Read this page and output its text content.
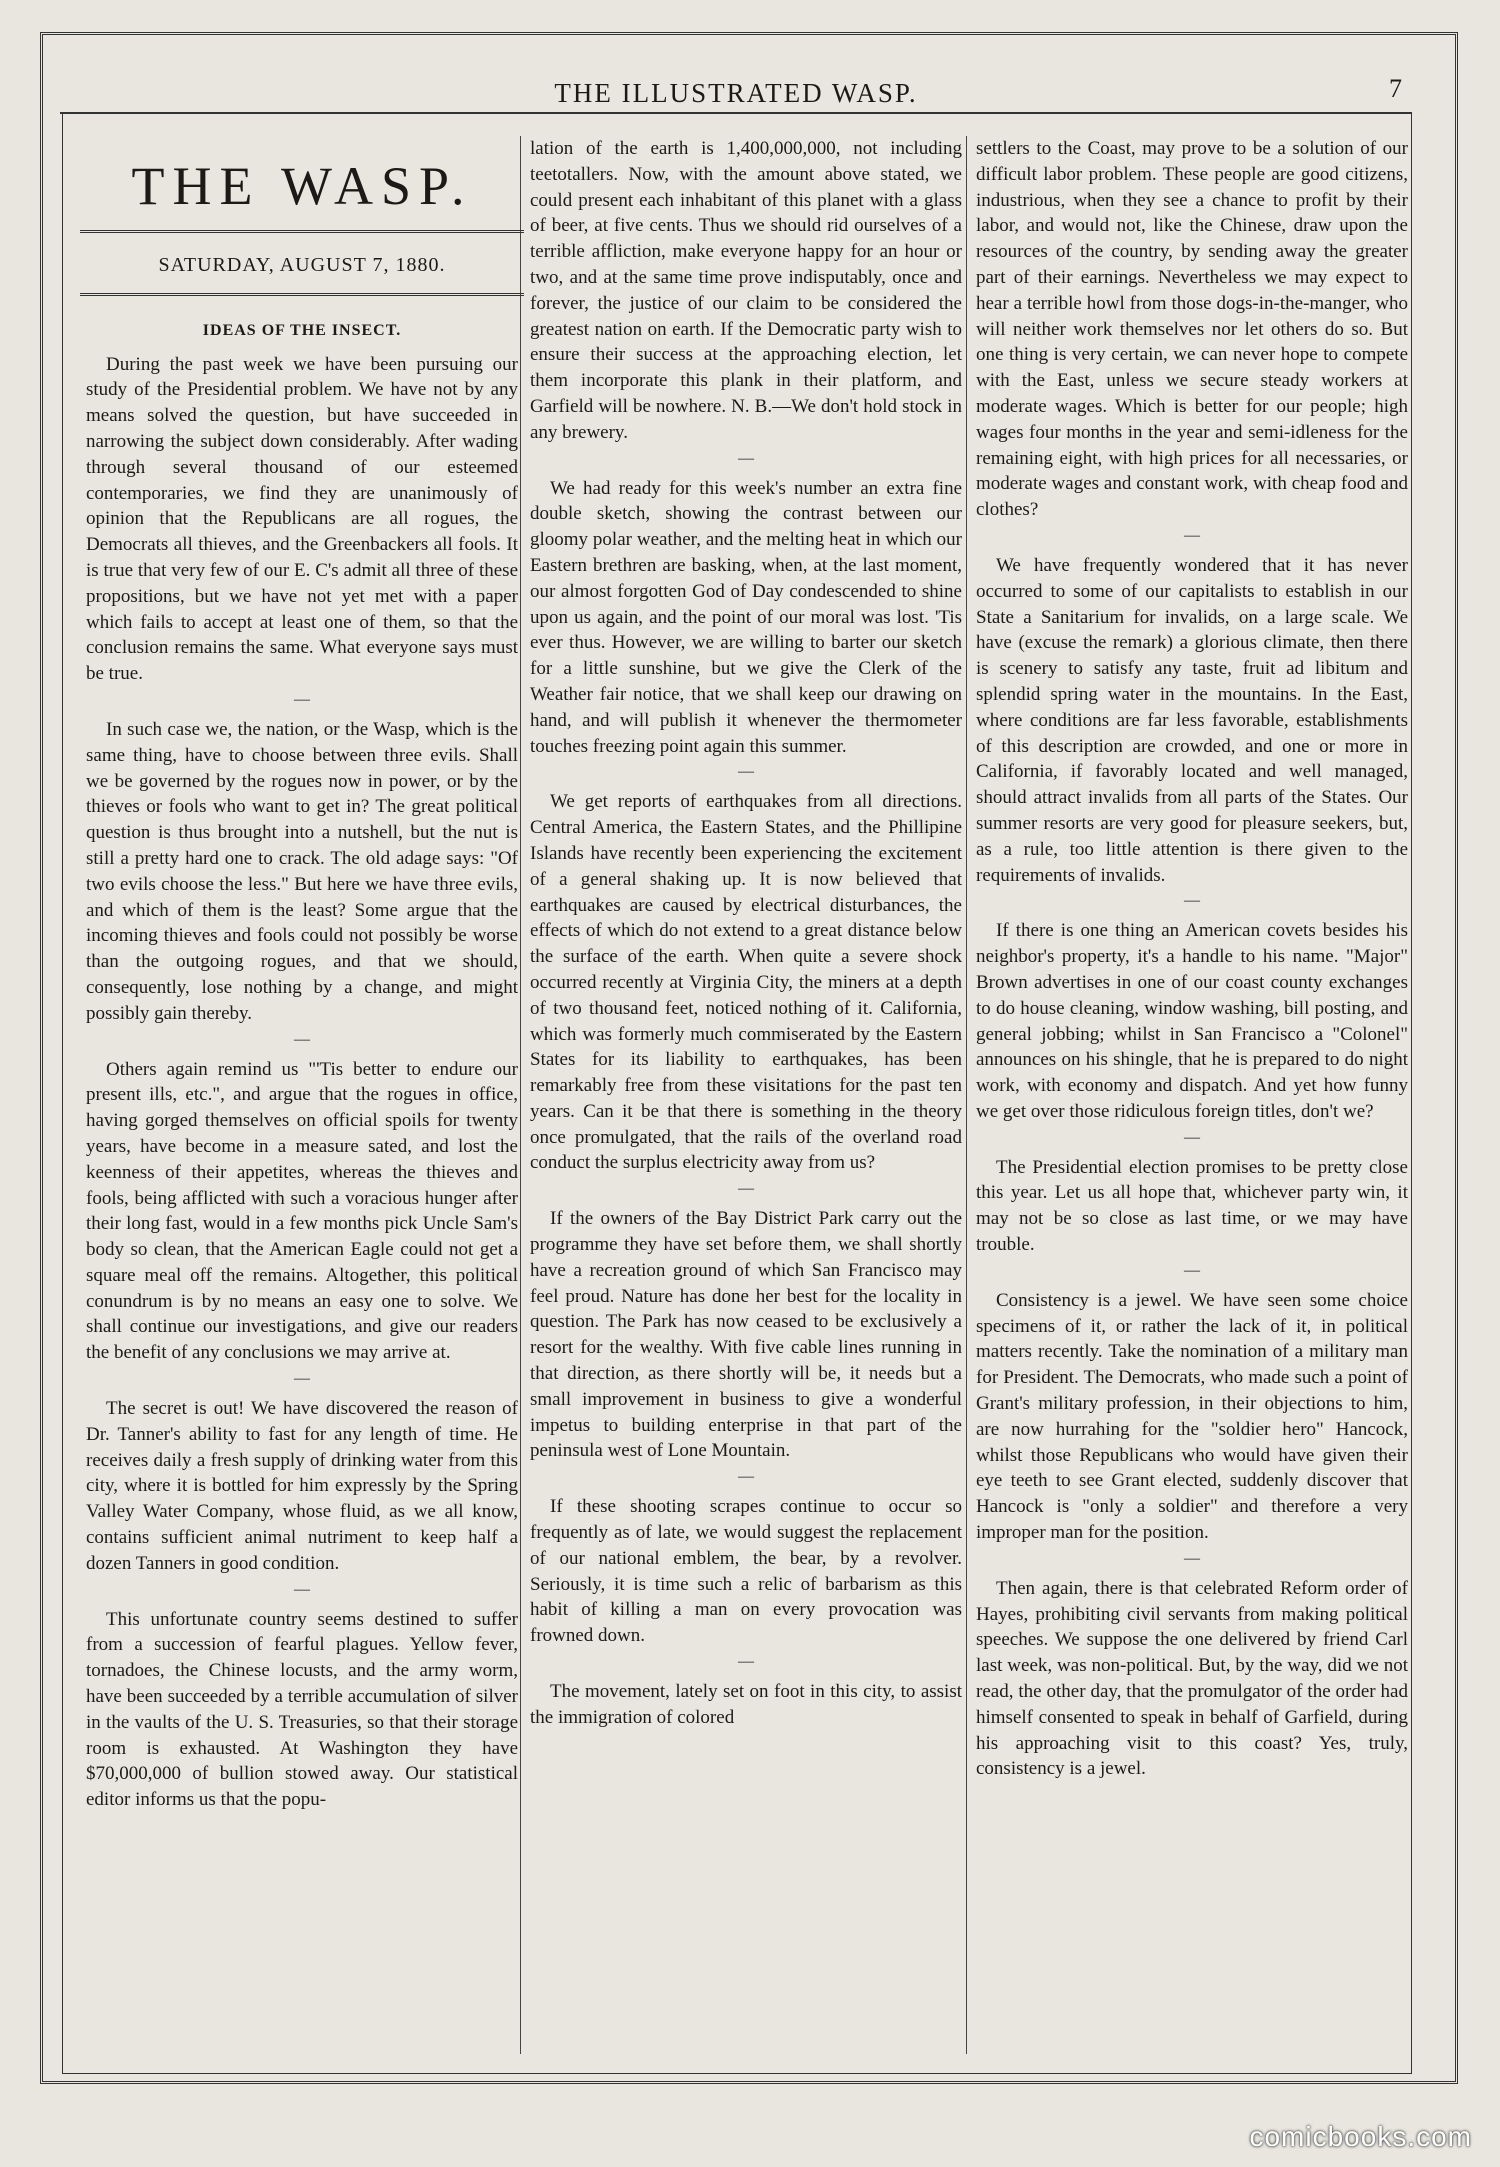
THE ILLUSTRATED WASP.	7
THE WASP.
SATURDAY, AUGUST 7, 1880.
IDEAS OF THE INSECT.

During the past week we have been pursuing our study of the Presidential problem. We have not by any means solved the question, but have succeeded in narrowing the subject down considerably. After wading through several thousand of our esteemed contemporaries, we find they are unanimously of opinion that the Republicans are all rogues, the Democrats all thieves, and the Greenbackers all fools. It is true that very few of our E. C's admit all three of these propositions, but we have not yet met with a paper which fails to accept at least one of them, so that the conclusion remains the same. What everyone says must be true.

—

In such case we, the nation, or the Wasp, which is the same thing, have to choose between three evils. Shall we be governed by the rogues now in power, or by the thieves or fools who want to get in? The great political question is thus brought into a nutshell, but the nut is still a pretty hard one to crack. The old adage says: "Of two evils choose the less." But here we have three evils, and which of them is the least? Some argue that the incoming thieves and fools could not possibly be worse than the outgoing rogues, and that we should, consequently, lose nothing by a change, and might possibly gain thereby.

—

Others again remind us "'Tis better to endure our present ills, etc.", and argue that the rogues in office, having gorged themselves on official spoils for twenty years, have become in a measure sated, and lost the keenness of their appetites, whereas the thieves and fools, being afflicted with such a voracious hunger after their long fast, would in a few months pick Uncle Sam's body so clean, that the American Eagle could not get a square meal off the remains. Altogether, this political conundrum is by no means an easy one to solve. We shall continue our investigations, and give our readers the benefit of any conclusions we may arrive at.

—

The secret is out! We have discovered the reason of Dr. Tanner's ability to fast for any length of time. He receives daily a fresh supply of drinking water from this city, where it is bottled for him expressly by the Spring Valley Water Company, whose fluid, as we all know, contains sufficient animal nutriment to keep half a dozen Tanners in good condition.

—

This unfortunate country seems destined to suffer from a succession of fearful plagues. Yellow fever, tornadoes, the Chinese locusts, and the army worm, have been succeeded by a terrible accumulation of silver in the vaults of the U. S. Treasuries, so that their storage room is exhausted. At Washington they have $70,000,000 of bullion stowed away. Our statistical editor informs us that the popu-

lation of the earth is 1,400,000,000, not including teetotallers. Now, with the amount above stated, we could present each inhabitant of this planet with a glass of beer, at five cents. Thus we should rid ourselves of a terrible affliction, make everyone happy for an hour or two, and at the same time prove indisputably, once and forever, the justice of our claim to be considered the greatest nation on earth. If the Democratic party wish to ensure their success at the approaching election, let them incorporate this plank in their platform, and Garfield will be nowhere. N. B.—We don't hold stock in any brewery.

—

We had ready for this week's number an extra fine double sketch, showing the contrast between our gloomy polar weather, and the melting heat in which our Eastern brethren are basking, when, at the last moment, our almost forgotten God of Day condescended to shine upon us again, and the point of our moral was lost. 'Tis ever thus. However, we are willing to barter our sketch for a little sunshine, but we give the Clerk of the Weather fair notice, that we shall keep our drawing on hand, and will publish it whenever the thermometer touches freezing point again this summer.

—

We get reports of earthquakes from all directions. Central America, the Eastern States, and the Phillipine Islands have recently been experiencing the excitement of a general shaking up. It is now believed that earthquakes are caused by electrical disturbances, the effects of which do not extend to a great distance below the surface of the earth. When quite a severe shock occurred recently at Virginia City, the miners at a depth of two thousand feet, noticed nothing of it. California, which was formerly much commiserated by the Eastern States for its liability to earthquakes, has been remarkably free from these visitations for the past ten years. Can it be that there is something in the theory once promulgated, that the rails of the overland road conduct the surplus electricity away from us?

—

If the owners of the Bay District Park carry out the programme they have set before them, we shall shortly have a recreation ground of which San Francisco may feel proud. Nature has done her best for the locality in question. The Park has now ceased to be exclusively a resort for the wealthy. With five cable lines running in that direction, as there shortly will be, it needs but a small improvement in business to give a wonderful impetus to building enterprise in that part of the peninsula west of Lone Mountain.

—

If these shooting scrapes continue to occur so frequently as of late, we would suggest the replacement of our national emblem, the bear, by a revolver. Seriously, it is time such a relic of barbarism as this habit of killing a man on every provocation was frowned down.

—

The movement, lately set on foot in this city, to assist the immigration of colored

settlers to the Coast, may prove to be a solution of our difficult labor problem. These people are good citizens, industrious, when they see a chance to profit by their labor, and would not, like the Chinese, draw upon the resources of the country, by sending away the greater part of their earnings. Nevertheless we may expect to hear a terrible howl from those dogs-in-the-manger, who will neither work themselves nor let others do so. But one thing is very certain, we can never hope to compete with the East, unless we secure steady workers at moderate wages. Which is better for our people; high wages four months in the year and semi-idleness for the remaining eight, with high prices for all necessaries, or moderate wages and constant work, with cheap food and clothes?

—

We have frequently wondered that it has never occurred to some of our capitalists to establish in our State a Sanitarium for invalids, on a large scale. We have (excuse the remark) a glorious climate, then there is scenery to satisfy any taste, fruit ad libitum and splendid spring water in the mountains. In the East, where conditions are far less favorable, establishments of this description are crowded, and one or more in California, if favorably located and well managed, should attract invalids from all parts of the States. Our summer resorts are very good for pleasure seekers, but, as a rule, too little attention is there given to the requirements of invalids.

—

If there is one thing an American covets besides his neighbor's property, it's a handle to his name. "Major" Brown advertises in one of our coast county exchanges to do house cleaning, window washing, bill posting, and general jobbing; whilst in San Francisco a "Colonel" announces on his shingle, that he is prepared to do night work, with economy and dispatch. And yet how funny we get over those ridiculous foreign titles, don't we?

—

The Presidential election promises to be pretty close this year. Let us all hope that, whichever party win, it may not be so close as last time, or we may have trouble.

—

Consistency is a jewel. We have seen some choice specimens of it, or rather the lack of it, in political matters recently. Take the nomination of a military man for President. The Democrats, who made such a point of Grant's military profession, in their objections to him, are now hurrahing for the "soldier hero" Hancock, whilst those Republicans who would have given their eye teeth to see Grant elected, suddenly discover that Hancock is "only a soldier" and therefore a very improper man for the position.

—

Then again, there is that celebrated Reform order of Hayes, prohibiting civil servants from making political speeches. We suppose the one delivered by friend Carl last week, was non-political. But, by the way, did we not read, the other day, that the promulgator of the order had himself consented to speak in behalf of Garfield, during his approaching visit to this coast? Yes, truly, consistency is a jewel.

comicbooks.com
